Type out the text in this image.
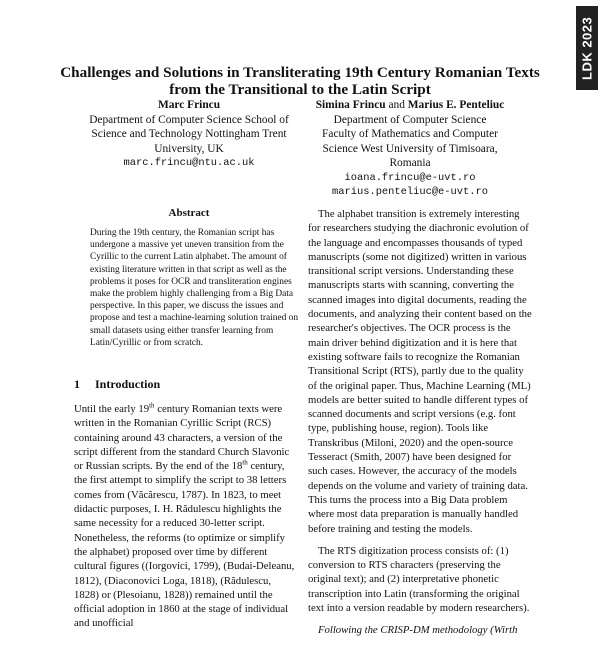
LDK 2023
Challenges and Solutions in Transliterating 19th Century Romanian Texts
from the Transitional to the Latin Script
Marc Frincu
Department of Computer Science School of
Science and Technology Nottingham Trent
University, UK
marc.frincu@ntu.ac.uk
Simina Frincu and Marius E. Penteliuc
Department of Computer Science
Faculty of Mathematics and Computer
Science West University of Timisoara,
Romania
ioana.frincu@e-uvt.ro
marius.penteliuc@e-uvt.ro
Abstract
During the 19th century, the Romanian script has undergone a massive yet uneven transition from the Cyrillic to the current Latin alphabet. The amount of existing literature written in that script as well as the problems it poses for OCR and transliteration engines make the problem highly challenging from a Big Data perspective. In this paper, we discuss the issues and propose and test a machine-learning solution trained on small datasets using either transfer learning from Latin/Cyrillic or from scratch.
1 Introduction

Until the early 19th century Romanian texts were written in the Romanian Cyrillic Script (RCS) containing around 43 characters, a version of the script different from the standard Church Slavonic or Russian scripts. By the end of the 18th century, the first attempt to simplify the script to 38 letters comes from (Văcărescu, 1787). In 1823, to meet didactic purposes, I. H. Rădulescu highlights the same necessity for a reduced 30-letter script. Nonetheless, the reforms (to optimize or simplify the alphabet) proposed over time by different cultural figures ((Iorgovici, 1799), (Budai-Deleanu, 1812), (Diaconovici Loga, 1818), (Rădulescu, 1828) or (Plesoianu, 1828)) remained until the official adoption in 1860 at the stage of individual and unofficial

The alphabet transition is extremely interesting for researchers studying the diachronic evolution of the language and encompasses thousands of typed manuscripts (some not digitized) written in various transitional script versions. Understanding these manuscripts starts with scanning, converting the scanned images into digital documents, reading the documents, and analyzing their content based on the researcher's objectives. The OCR process is the main driver behind digitization and it is here that existing software fails to recognize the Romanian Transitional Script (RTS), partly due to the quality of the original paper. Thus, Machine Learning (ML) models are better suited to handle different types of scanned documents and script versions (e.g. font type, publishing house, region). Tools like Transkribus (Miloni, 2020) and the open-source Tesseract (Smith, 2007) have been designed for such cases. However, the accuracy of the models depends on the volume and variety of training data. This turns the process into a Big Data problem where most data preparation is manually handled before training and testing the models.

The RTS digitization process consists of: (1) conversion to RTS characters (preserving the original text); and (2) interpretative phonetic transcription into Latin (transforming the original text into a version readable by modern researchers).

Following the CRISP-DM methodology (Wirth
